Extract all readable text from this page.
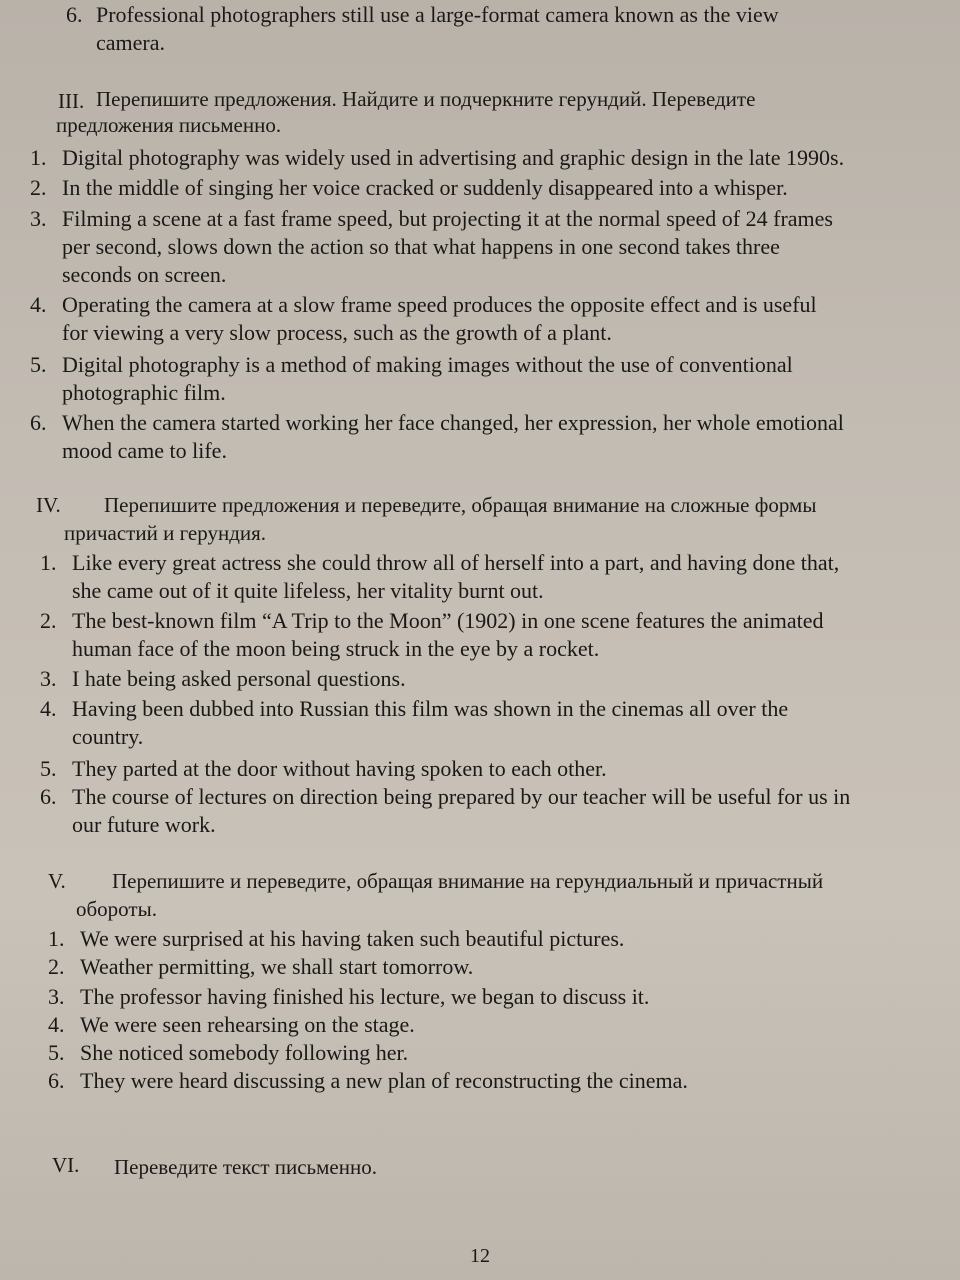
6. Professional photographers still use a large-format camera known as the view
camera.
III. Перепишите предложения. Найдите и подчеркните герундий. Переведите
предложения письменно.
1. Digital photography was widely used in advertising and graphic design in the late 1990s.
2. In the middle of singing her voice cracked or suddenly disappeared into a whisper.
3. Filming a scene at a fast frame speed, but projecting it at the normal speed of 24 frames
per second, slows down the action so that what happens in one second takes three
seconds on screen.
4. Operating the camera at a slow frame speed produces the opposite effect and is useful
for viewing a very slow process, such as the growth of a plant.
5. Digital photography is a method of making images without the use of conventional
photographic film.
6. When the camera started working her face changed, her expression, her whole emotional
mood came to life.
IV. Перепишите предложения и переведите, обращая внимание на сложные формы
причастий и герундия.
1. Like every great actress she could throw all of herself into a part, and having done that,
she came out of it quite lifeless, her vitality burnt out.
2. The best-known film “A Trip to the Moon” (1902) in one scene features the animated
human face of the moon being struck in the eye by a rocket.
3. I hate being asked personal questions.
4. Having been dubbed into Russian this film was shown in the cinemas all over the
country.
5. They parted at the door without having spoken to each other.
6. The course of lectures on direction being prepared by our teacher will be useful for us in
our future work.
V. Перепишите и переведите, обращая внимание на герундиальный и причастный
обороты.
1. We were surprised at his having taken such beautiful pictures.
2. Weather permitting, we shall start tomorrow.
3. The professor having finished his lecture, we began to discuss it.
4. We were seen rehearsing on the stage.
5. She noticed somebody following her.
6. They were heard discussing a new plan of reconstructing the cinema.
VI. Переведите текст письменно.
12
